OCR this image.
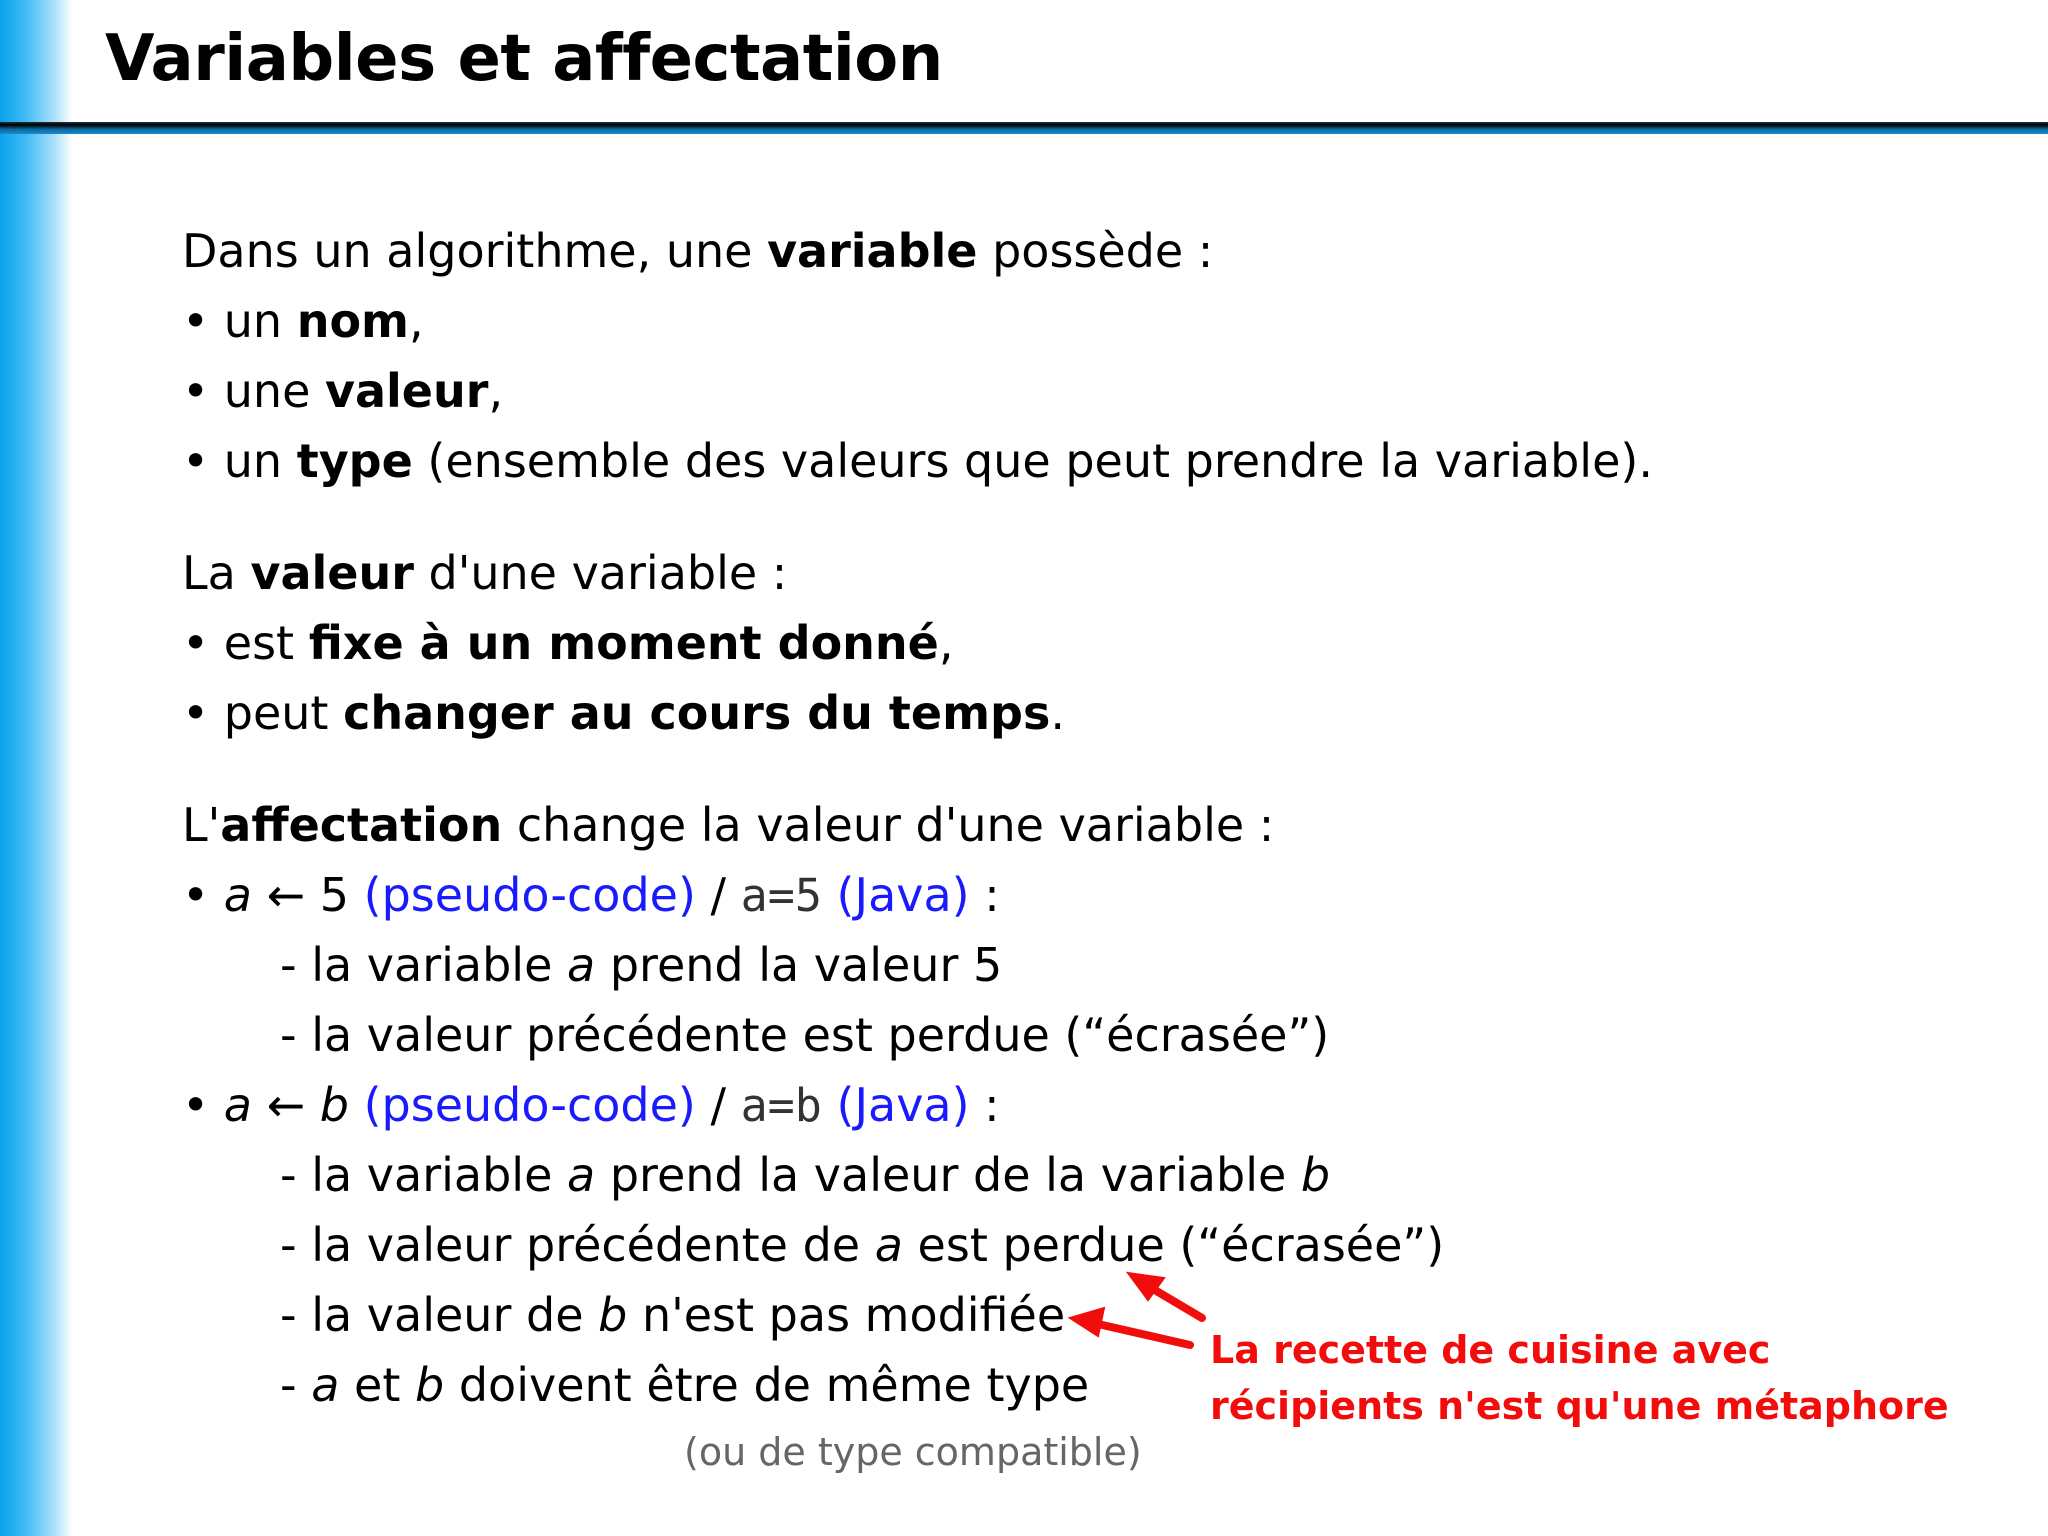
Variables et affectation
Dans un algorithme, une variable possède :
• un nom,
• une valeur,
• un type (ensemble des valeurs que peut prendre la variable).
La valeur d'une variable :
• est fixe à un moment donné,
• peut changer au cours du temps.
L'affectation change la valeur d'une variable :
• a ← 5 (pseudo-code) / a=5 (Java) :
- la variable a prend la valeur 5
- la valeur précédente est perdue (“écrasée”)
• a ← b (pseudo-code) / a=b (Java) :
- la variable a prend la valeur de la variable b
- la valeur précédente de a est perdue (“écrasée”)
- la valeur de b n'est pas modifiée
- a et b doivent être de même type
(ou de type compatible)
La recette de cuisine avec
récipients n'est qu'une métaphore
